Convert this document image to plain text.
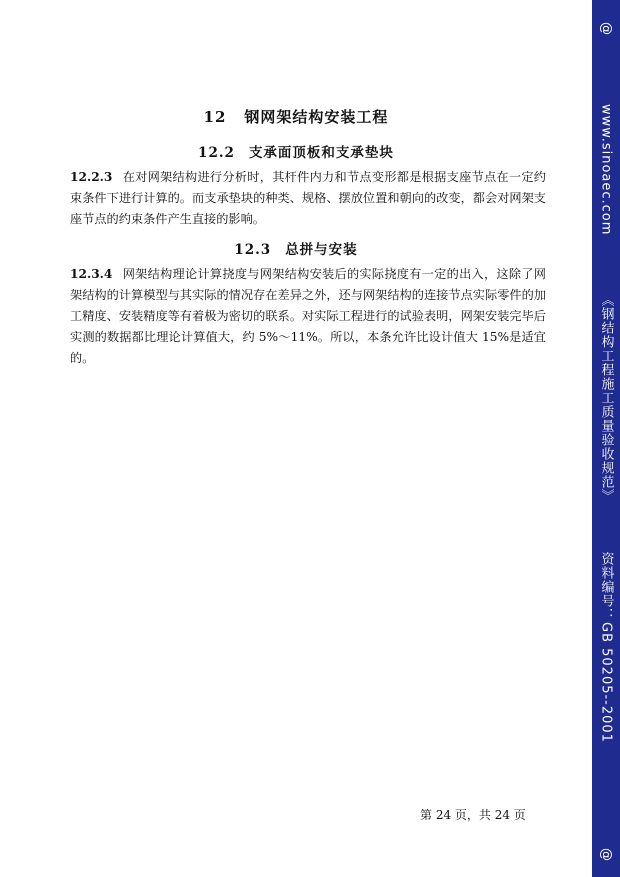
12 钢网架结构安装工程
12.2 支承面顶板和支承垫块
12.2.3 在对网架结构进行分析时，其杆件内力和节点变形都是根据支座节点在一定约束条件下进行计算的。而支承垫块的种类、规格、摆放位置和朝向的改变，都会对网架支座节点的约束条件产生直接的影响。
12.3 总拼与安装
12.3.4 网架结构理论计算挠度与网架结构安装后的实际挠度有一定的出入，这除了网架结构的计算模型与其实际的情况存在差异之外，还与网架结构的连接节点实际零件的加工精度、安装精度等有着极为密切的联系。对实际工程进行的试验表明，网架安装完毕后实测的数据都比理论计算值大，约 5%～11%。所以，本条允许比设计值大 15%是适宜的。
第 24 页，共 24 页
@
www.sinoaec.com
《钢结构工程施工质量验收规范》
资料编号：GB 50205--2001
@
